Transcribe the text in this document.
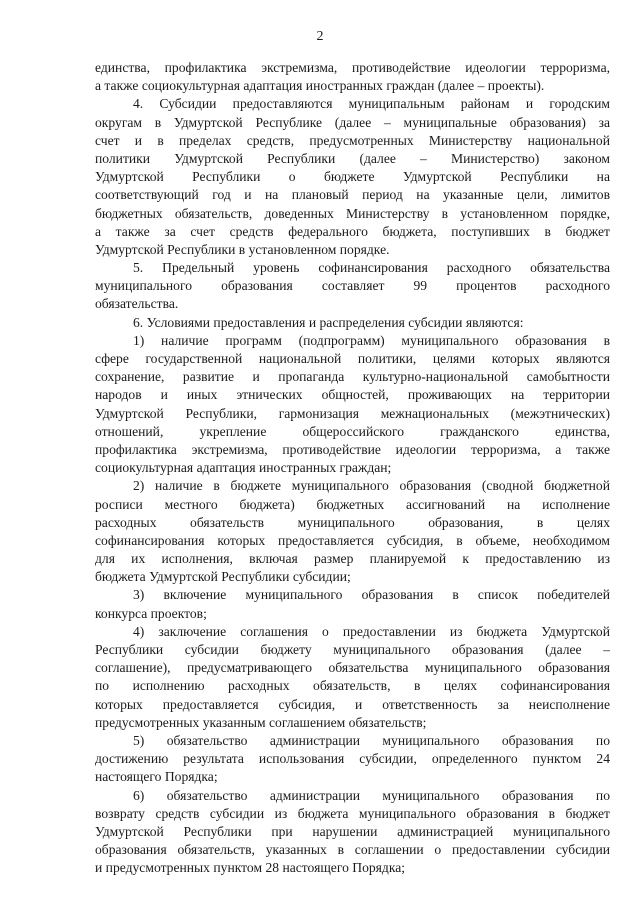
2
единства, профилактика экстремизма, противодействие идеологии терроризма,
а также социокультурная адаптация иностранных граждан (далее – проекты).
4. Субсидии предоставляются муниципальным районам и городским
округам в Удмуртской Республике (далее – муниципальные образования) за
счет и в пределах средств, предусмотренных Министерству национальной
политики Удмуртской Республики (далее – Министерство) законом
Удмуртской Республики о бюджете Удмуртской Республики на
соответствующий год и на плановый период на указанные цели, лимитов
бюджетных обязательств, доведенных Министерству в установленном порядке,
а также за счет средств федерального бюджета, поступивших в бюджет
Удмуртской Республики в установленном порядке.
5. Предельный уровень софинансирования расходного обязательства
муниципального образования составляет 99 процентов расходного
обязательства.
6. Условиями предоставления и распределения субсидии являются:
1) наличие программ (подпрограмм) муниципального образования в
сфере государственной национальной политики, целями которых являются
сохранение, развитие и пропаганда культурно-национальной самобытности
народов и иных этнических общностей, проживающих на территории
Удмуртской Республики, гармонизация межнациональных (межэтнических)
отношений, укрепление общероссийского гражданского единства,
профилактика экстремизма, противодействие идеологии терроризма, а также
социокультурная адаптация иностранных граждан;
2) наличие в бюджете муниципального образования (сводной бюджетной
росписи местного бюджета) бюджетных ассигнований на исполнение
расходных обязательств муниципального образования, в целях
софинансирования которых предоставляется субсидия, в объеме, необходимом
для их исполнения, включая размер планируемой к предоставлению из
бюджета Удмуртской Республики субсидии;
3) включение муниципального образования в список победителей
конкурса проектов;
4) заключение соглашения о предоставлении из бюджета Удмуртской
Республики субсидии бюджету муниципального образования (далее –
соглашение), предусматривающего обязательства муниципального образования
по исполнению расходных обязательств, в целях софинансирования
которых предоставляется субсидия, и ответственность за неисполнение
предусмотренных указанным соглашением обязательств;
5) обязательство администрации муниципального образования по
достижению результата использования субсидии, определенного пунктом 24
настоящего Порядка;
6) обязательство администрации муниципального образования по
возврату средств субсидии из бюджета муниципального образования в бюджет
Удмуртской Республики при нарушении администрацией муниципального
образования обязательств, указанных в соглашении о предоставлении субсидии
и предусмотренных пунктом 28 настоящего Порядка;
